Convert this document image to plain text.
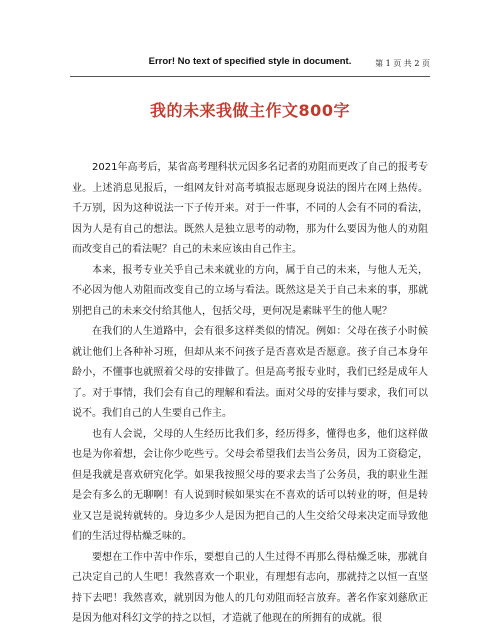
Error! No text of specified style in document.	第 1 页 共 2 页
我的未来我做主作文800字

2021年高考后，某省高考理科状元因多名记者的劝阻而更改了自己的报考专业。上述消息见报后，一组网友针对高考填报志愿现身说法的图片在网上热传。千万别，因为这种说法一下子传开来。对于一件事，不同的人会有不同的看法，因为人是有自己的想法。既然人是独立思考的动物，那为什么要因为他人的劝阻而改变自己的看法呢？自己的未来应该由自己作主。

本来，报考专业关乎自己未来就业的方向，属于自己的未来，与他人无关，不必因为他人劝阻而改变自己的立场与看法。既然这是关于自己未来的事，那就别把自己的未来交付给其他人，包括父母，更何况是素昧平生的他人呢？

在我们的人生道路中，会有很多这样类似的情况。例如：父母在孩子小时候就让他们上各种补习班，但却从来不问孩子是否喜欢是否愿意。孩子自己本身年龄小，不懂事也就照着父母的安排做了。但是高考报专业时，我们已经是成年人了。对于事情，我们会有自己的理解和看法。面对父母的安排与要求，我们可以说不。我们自己的人生要自己作主。

也有人会说，父母的人生经历比我们多，经历得多，懂得也多，他们这样做也是为你着想，会让你少吃些亏。父母会希望我们去当公务员，因为工资稳定，但是我就是喜欢研究化学。如果我按照父母的要求去当了公务员，我的职业生涯是会有多么的无聊啊！有人说到时候如果实在不喜欢的话可以转业的呀，但是转业又岂是说转就转的。身边多少人是因为把自己的人生交给父母来决定而导致他们的生活过得枯燥乏味的。

要想在工作中苦中作乐，要想自己的人生过得不再那么得枯燥乏味，那就自己决定自己的人生吧！我然喜欢一个职业，有理想有志向，那就持之以恒一直坚持下去吧！我然喜欢，就别因为他人的几句劝阻而轻言放弃。著名作家刘慈欣正是因为他对科幻文学的持之以恒，才造就了他现在的所拥有的成就。很
